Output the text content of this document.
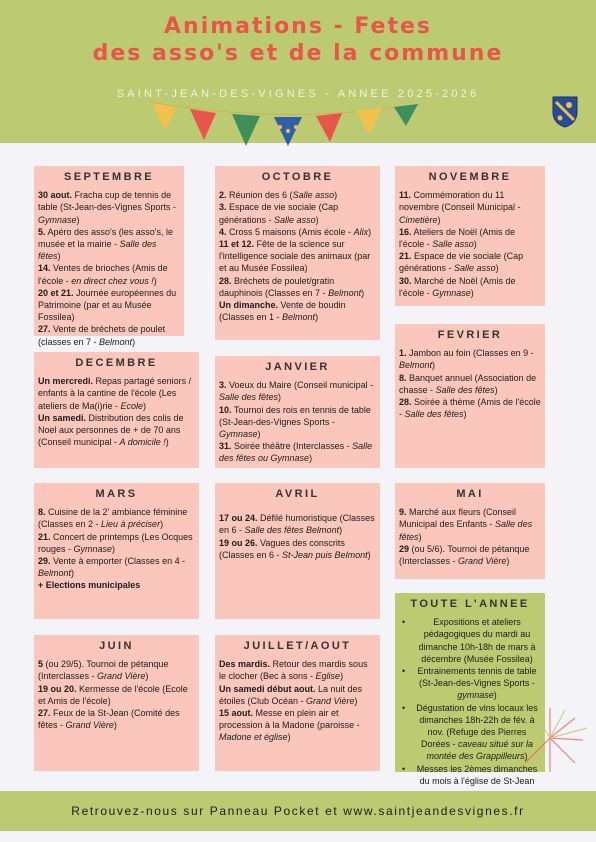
Animations - Fetes
des asso's et de la commune
SAINT-JEAN-DES-VIGNES - ANNEE 2025-2026
SEPTEMBRE

30 aout. Fracha cup de tennis de table (St-Jean-des-Vignes Sports - Gymnase)

5. Apéro des asso's (les asso's, le musée et la mairie - Salle des fêtes)

14. Ventes de brioches (Amis de l'école - en direct chez vous !)

20 et 21. Journée européennes du Patrimoine (par et au Musée Fossilea)

27. Vente de bréchets de poulet (classes en 7 - Belmont)

OCTOBRE

2. Réunion des 6 (Salle asso)

3. Espace de vie sociale (Cap générations - Salle asso)

4. Cross 5 maisons (Amis école - Alix)

11 et 12. Fête de la science sur l'intelligence sociale des animaux (par et au Musée Fossilea)

28. Bréchets de poulet/gratin dauphinois (Classes en 7 - Belmont)

Un dimanche. Vente de boudin (Classes en 1 - Belmont)

NOVEMBRE

11. Commémoration du 11 novembre (Conseil Municipal - Cimetière)

16. Ateliers de Noël (Amis de l'école - Salle asso)

21. Espace de vie sociale (Cap générations - Salle asso)

30. Marché de Noël (Amis de l'école - Gymnase)

DECEMBRE

Un mercredi. Repas partagé seniors / enfants à la cantine de l'école (Les ateliers de Ma(i)rie - Ecole)

Un samedi. Distribution des colis de Noel aux personnes de + de 70 ans (Conseil municipal - A domicile !)

JANVIER

3. Voeux du Maire (Conseil municipal - Salle des fêtes)

10. Tournoi des rois en tennis de table (St-Jean-des-Vignes Sports - Gymnase)

31. Soirée théâtre (Interclasses - Salle des fêtes ou Gymnase)

FEVRIER

1. Jambon au foin (Classes en 9 - Belmont)

8. Banquet annuel (Association de chasse - Salle des fêtes)

28. Soirée à thème (Amis de l'école - Salle des fêtes)

MARS

8. Cuisine de la 2' ambiance féminine (Classes en 2 - Lieu à préciser)

21. Concert de printemps (Les Ocques rouges - Gymnase)

29. Vente à emporter (Classes en 4 - Belmont)

+ Elections municipales

AVRIL

17 ou 24. Défilé humoristique (Classes en 6 - Salle des fêtes Belmont)

19 ou 26. Vagues des conscrits (Classes en 6 - St-Jean puis Belmont)

MAI

9. Marché aux fleurs (Conseil Municipal des Enfants - Salle des fêtes)

29 (ou 5/6). Tournoi de pétanque (Interclasses - Grand Vière)

TOUTE L'ANNEE
• Expositions et ateliers pédagogiques du mardi au dimanche 10h-18h de mars à décembre (Musée Fossilea)
• Entrainements tennis de table (St-Jean-des-Vignes Sports - gymnase)
• Dégustation de vins locaux les dimanches 18h-22h de fév. à nov. (Refuge des Pierres Dorées - caveau situé sur la montée des Grappilleurs)
• Messes les 2èmes dimanches du mois à l'église de St-Jean
JUIN

5 (ou 29/5). Tournoi de pétanque (Interclasses - Grand Vière)

19 ou 20. Kermesse de l'école (Ecole et Amis de l'école)

27. Feux de la St-Jean (Comité des fêtes - Grand Vière)

JUILLET/AOUT

Des mardis. Retour des mardis sous le clocher (Bec à sons - Eglise)

Un samedi début aout. La nuit des étoiles (Club Océan - Grand Vière)

15 aout. Messe en plein air et procession à la Madone (paroisse - Madone et église)

Retrouvez-nous sur Panneau Pocket et www.saintjeandesvignes.fr
